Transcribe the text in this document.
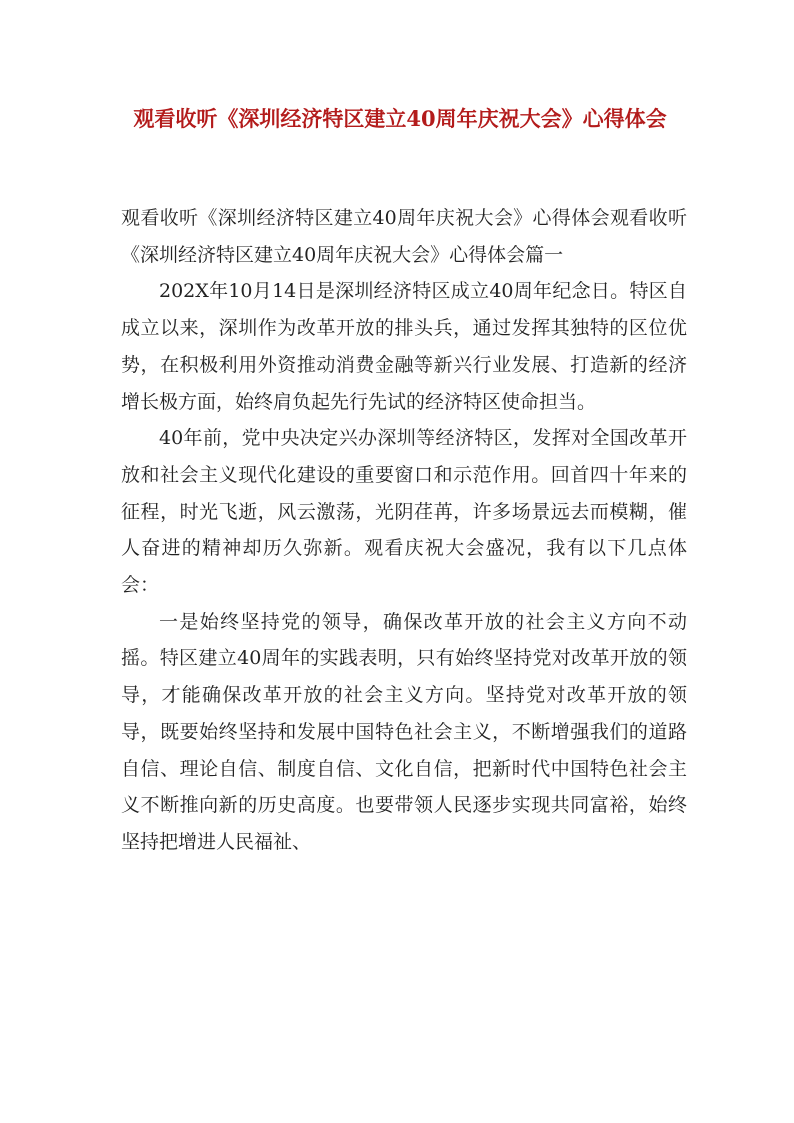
观看收听《深圳经济特区建立40周年庆祝大会》心得体会

观看收听《深圳经济特区建立40周年庆祝大会》心得体会观看收听《深圳经济特区建立40周年庆祝大会》心得体会篇一

202X年10月14日是深圳经济特区成立40周年纪念日。特区自成立以来，深圳作为改革开放的排头兵，通过发挥其独特的区位优势，在积极利用外资推动消费金融等新兴行业发展、打造新的经济增长极方面，始终肩负起先行先试的经济特区使命担当。

40年前，党中央决定兴办深圳等经济特区，发挥对全国改革开放和社会主义现代化建设的重要窗口和示范作用。回首四十年来的征程，时光飞逝，风云激荡，光阴荏苒，许多场景远去而模糊，催人奋进的精神却历久弥新。观看庆祝大会盛况，我有以下几点体会：

一是始终坚持党的领导，确保改革开放的社会主义方向不动摇。特区建立40周年的实践表明，只有始终坚持党对改革开放的领导，才能确保改革开放的社会主义方向。坚持党对改革开放的领导，既要始终坚持和发展中国特色社会主义，不断增强我们的道路自信、理论自信、制度自信、文化自信，把新时代中国特色社会主义不断推向新的历史高度。也要带领人民逐步实现共同富裕，始终坚持把增进人民福祉、
